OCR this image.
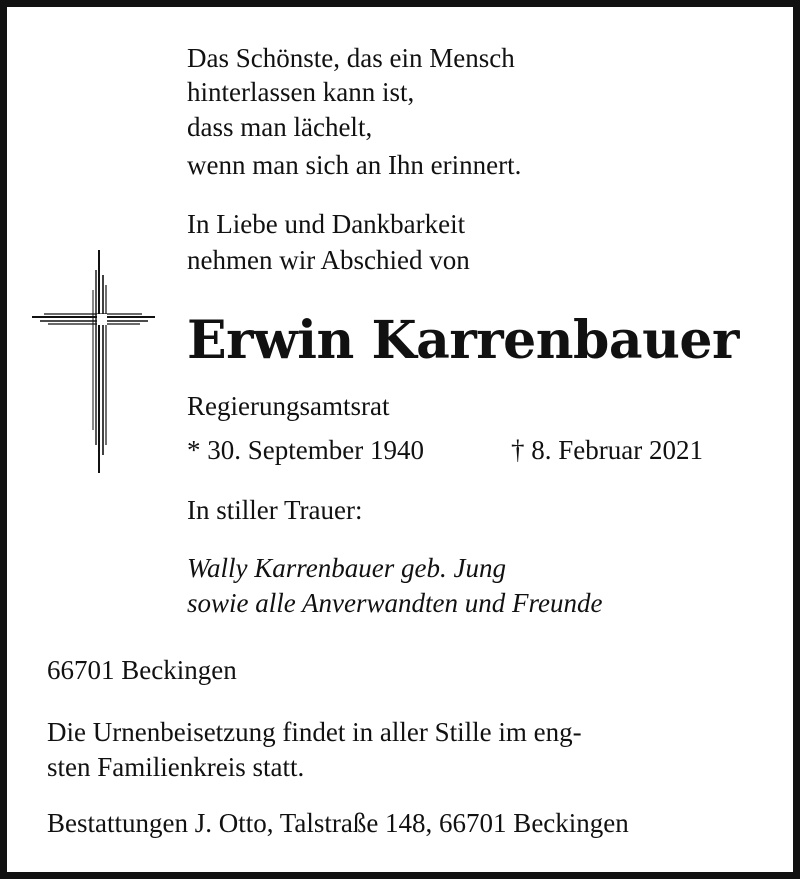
Das Schönste, das ein Mensch
hinterlassen kann ist,
dass man lächelt,
wenn man sich an Ihn erinnert.
In Liebe und Dankbarkeit
nehmen wir Abschied von
Erwin Karrenbauer
Regierungsamtsrat
* 30. September 1940	† 8. Februar 2021
In stiller Trauer:
Wally Karrenbauer geb. Jung
sowie alle Anverwandten und Freunde
66701 Beckingen
Die Urnenbeisetzung findet in aller Stille im eng-
sten Familienkreis statt.
Bestattungen J. Otto, Talstraße 148, 66701 Beckingen
